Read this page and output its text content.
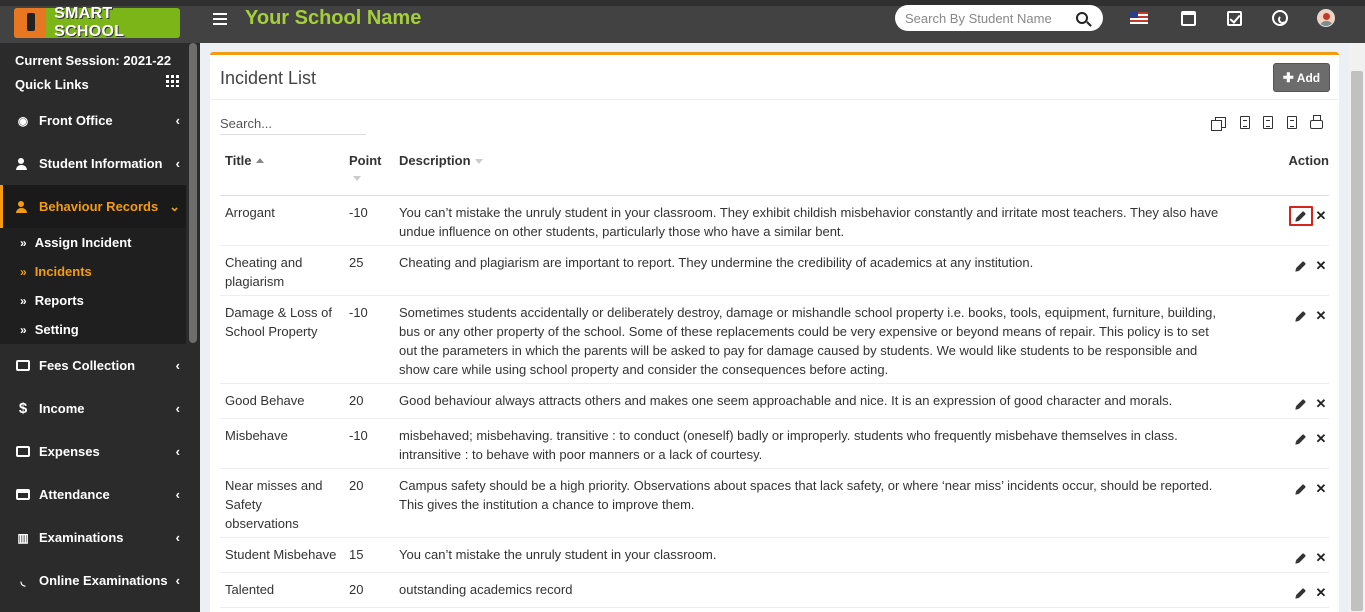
SMART SCHOOL
Your School Name
Search By Student Name
Current Session: 2021-22
Quick Links
◉ Front Office	‹
Student Information ‹
Behaviour Records ⌄
» Assign Incident
» Incidents
» Reports
» Setting
Fees Collection	‹
$ Income	‹
Expenses	‹
Attendance	‹
▥ Examinations	‹
◟	Online Examinations ‹
Incident List	✚ Add
Search...
Title	Point	Description	Action
Arrogant	-10	You can’t mistake the unruly student in your classroom. They exhibit childish misbehavior constantly and irritate most teachers. They also have undue influence on other students, particularly those who have a similar bent.	✕

Cheating and plagiarism	25	Cheating and plagiarism are important to report. They undermine the credibility of academics at any institution.	✕

Damage & Loss of School Property	-10	Sometimes students accidentally or deliberately destroy, damage or mishandle school property i.e. books, tools, equipment, furniture, building, bus or any other property of the school. Some of these replacements could be very expensive or beyond means of repair. This policy is to set out the parameters in which the parents will be asked to pay for damage caused by students. We would like students to be responsible and show care while using school property and consider the consequences before acting.	✕

Good Behave	20	Good behaviour always attracts others and makes one seem approachable and nice. It is an expression of good character and morals.	✕

Misbehave	-10	misbehaved; misbehaving. transitive : to conduct (oneself) badly or improperly. students who frequently misbehave themselves in class. intransitive : to behave with poor manners or a lack of courtesy.	✕

Near misses and Safety observations	20	Campus safety should be a high priority. Observations about spaces that lack safety, or where ‘near miss’ incidents occur, should be reported. This gives the institution a chance to improve them.	✕

Student Misbehave	15	You can’t mistake the unruly student in your classroom.	✕

Talented	20	outstanding academics record	✕
